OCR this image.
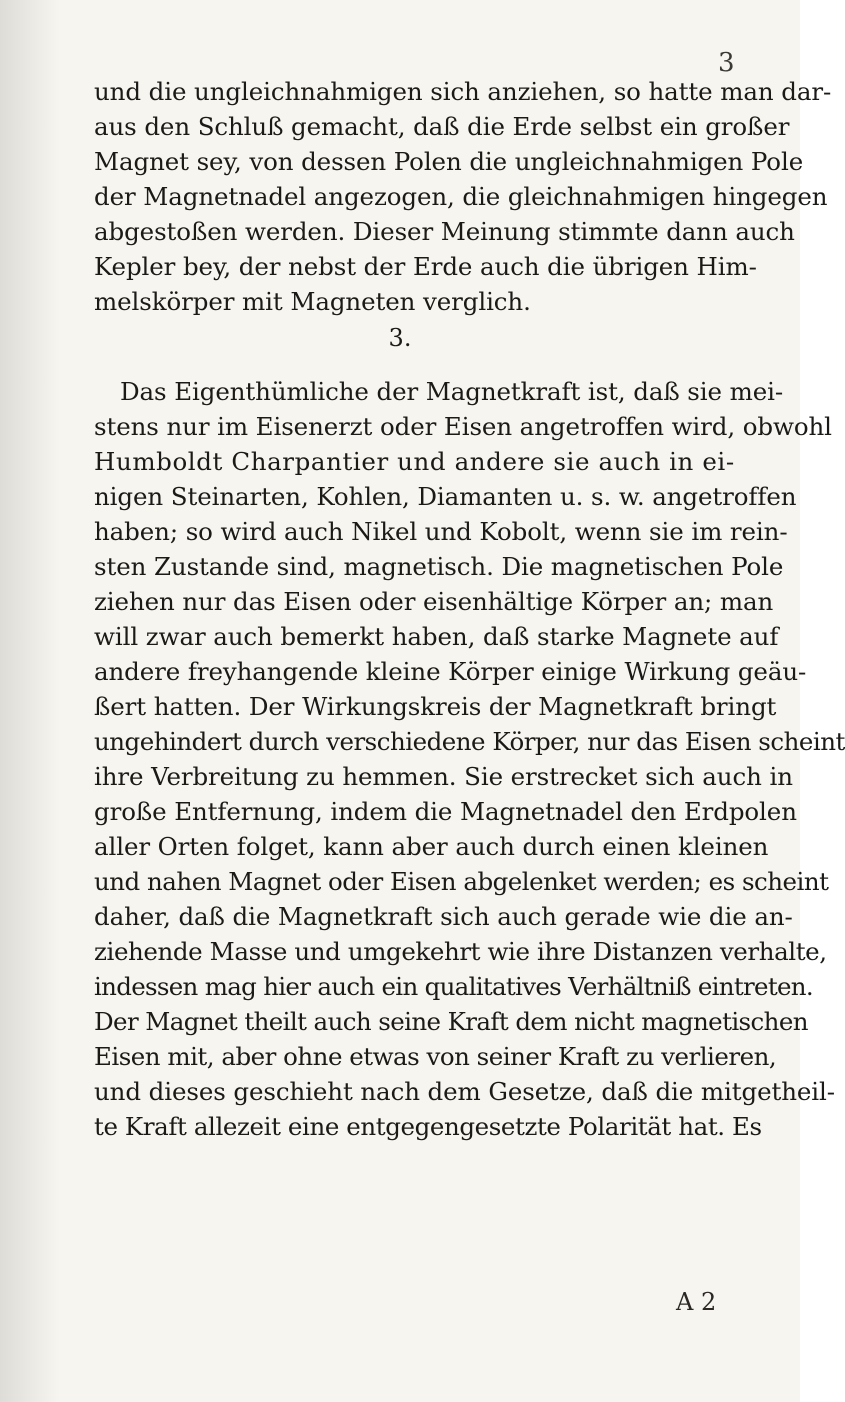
3
und die ungleichnahmigen sich anziehen, so hatte man dar-
aus den Schluß gemacht, daß die Erde selbst ein großer
Magnet sey, von dessen Polen die ungleichnahmigen Pole
der Magnetnadel angezogen, die gleichnahmigen hingegen
abgestoßen werden. Dieser Meinung stimmte dann auch
Kepler bey, der nebst der Erde auch die übrigen Him-
melskörper mit Magneten verglich.
3.
Das Eigenthümliche der Magnetkraft ist, daß sie mei-
stens nur im Eisenerzt oder Eisen angetroffen wird, obwohl
Humboldt Charpantier und andere sie auch in ei-
nigen Steinarten, Kohlen, Diamanten u. s. w. angetroffen
haben; so wird auch Nikel und Kobolt, wenn sie im rein-
sten Zustande sind, magnetisch. Die magnetischen Pole
ziehen nur das Eisen oder eisenhältige Körper an; man
will zwar auch bemerkt haben, daß starke Magnete auf
andere freyhangende kleine Körper einige Wirkung geäu-
ßert hatten. Der Wirkungskreis der Magnetkraft bringt
ungehindert durch verschiedene Körper, nur das Eisen scheint
ihre Verbreitung zu hemmen. Sie erstrecket sich auch in
große Entfernung, indem die Magnetnadel den Erdpolen
aller Orten folget, kann aber auch durch einen kleinen
und nahen Magnet oder Eisen abgelenket werden; es scheint
daher, daß die Magnetkraft sich auch gerade wie die an-
ziehende Masse und umgekehrt wie ihre Distanzen verhalte,
indessen mag hier auch ein qualitatives Verhältniß eintreten.
Der Magnet theilt auch seine Kraft dem nicht magnetischen
Eisen mit, aber ohne etwas von seiner Kraft zu verlieren,
und dieses geschieht nach dem Gesetze, daß die mitgetheil-
te Kraft allezeit eine entgegengesetzte Polarität hat. Es
A 2
